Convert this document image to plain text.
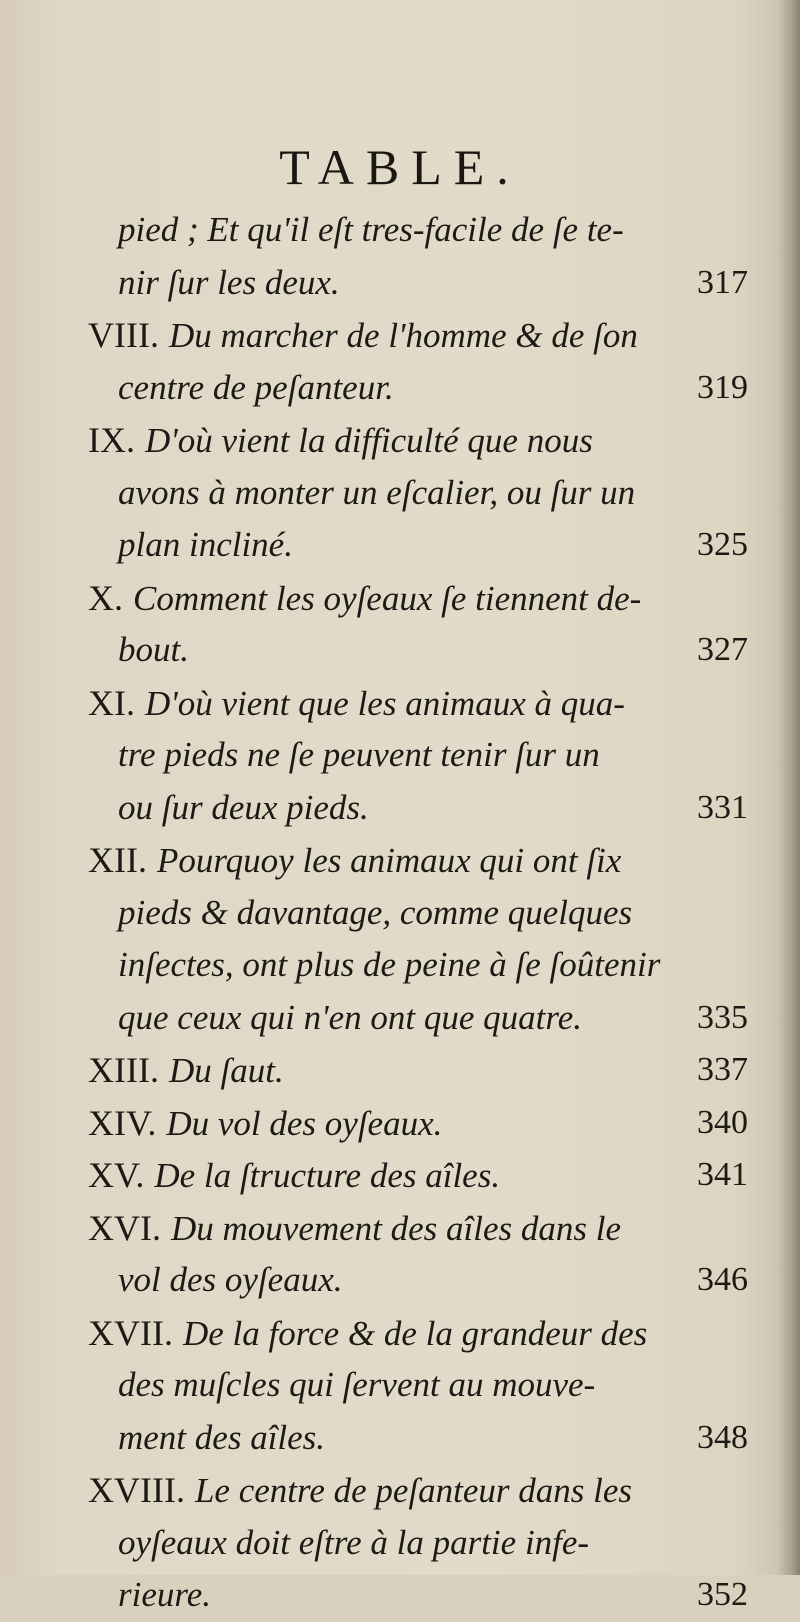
TABLE.
pied ; Et qu'il eſt tres-facile de ſe te-
nir ſur les deux.	317
VIII. Du marcher de l'homme & de ſon
centre de peſanteur.	319
IX. D'où vient la difficulté que nous
avons à monter un eſcalier, ou ſur un
plan incliné.	325
X. Comment les oyſeaux ſe tiennent de-
bout.	327
XI. D'où vient que les animaux à qua-
tre pieds ne ſe peuvent tenir ſur un
ou ſur deux pieds.	331
XII. Pourquoy les animaux qui ont ſix
pieds & davantage, comme quelques
inſectes, ont plus de peine à ſe ſoûtenir
que ceux qui n'en ont que quatre.	335
XIII. Du ſaut.	337
XIV. Du vol des oyſeaux.	340
XV. De la ſtructure des aîles.	341
XVI. Du mouvement des aîles dans le
vol des oyſeaux.	346
XVII. De la force & de la grandeur des
des muſcles qui ſervent au mouve-
ment des aîles.	348
XVIII. Le centre de peſanteur dans les
oyſeaux doit eſtre à la partie infe-
rieure.	352
